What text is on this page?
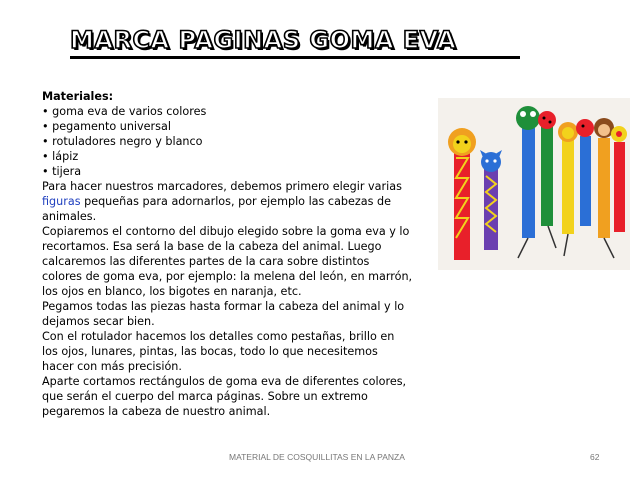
MARCA PAGINAS GOMA EVA
Materiales:
• goma eva de varios colores
• pegamento universal
• rotuladores negro y blanco
• lápiz
• tijera
Para hacer nuestros marcadores, debemos primero elegir varias
figuras pequeñas para adornarlos, por ejemplo las cabezas de
animales.
Copiaremos el contorno del dibujo elegido sobre la goma eva y lo
recortamos. Esa será la base de la cabeza del animal. Luego
calcaremos las diferentes partes de la cara sobre distintos
colores de goma eva, por ejemplo: la melena del león, en marrón,
los ojos en blanco, los bigotes en naranja, etc.
Pegamos todas las piezas hasta formar la cabeza del animal y lo
dejamos secar bien.
Con el rotulador hacemos los detalles como pestañas, brillo en
los ojos, lunares, pintas, las bocas, todo lo que necesitemos
hacer con más precisión.
Aparte cortamos rectángulos de goma eva de diferentes colores,
que serán el cuerpo del marca páginas. Sobre un extremo
pegaremos la cabeza de nuestro animal.
MATERIAL DE COSQUILLITAS EN LA PANZA	62
